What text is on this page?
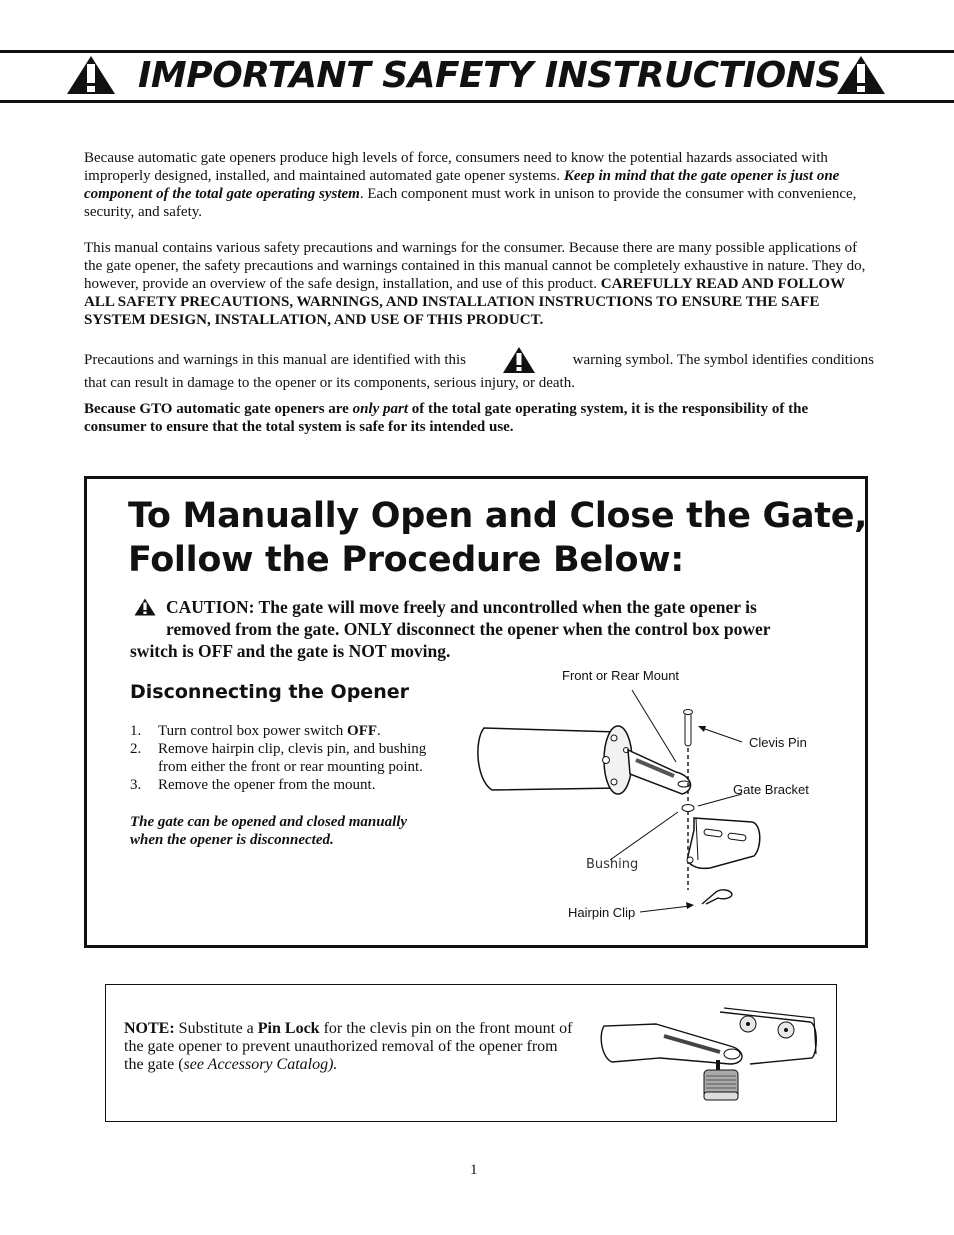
IMPORTANT SAFETY INSTRUCTIONS
Because automatic gate openers produce high levels of force, consumers need to know the potential hazards associated with improperly designed, installed, and maintained automated gate opener systems. Keep in mind that the gate opener is just one component of the total gate operating system. Each component must work in unison to provide the consumer with convenience, security, and safety.
This manual contains various safety precautions and warnings for the consumer. Because there are many possible applications of the gate opener, the safety precautions and warnings contained in this manual cannot be completely exhaustive in nature. They do, however, provide an overview of the safe design, installation, and use of this product. CAREFULLY READ AND FOLLOW ALL SAFETY PRECAUTIONS, WARNINGS, AND INSTALLATION INSTRUCTIONS TO ENSURE THE SAFE SYSTEM DESIGN, INSTALLATION, AND USE OF THIS PRODUCT.
Precautions and warnings in this manual are identified with this	warning symbol. The symbol identifies conditions
that can result in damage to the opener or its components, serious injury, or death.
Because GTO automatic gate openers are only part of the total gate operating system, it is the responsibility of the consumer to ensure that the total system is safe for its intended use.
To Manually Open and Close the Gate, Follow the Procedure Below:
CAUTION: The gate will move freely and uncontrolled when the gate opener is
removed from the gate. ONLY disconnect the opener when the control box power
switch is OFF and the gate is NOT moving.
Disconnecting the Opener
1. Turn control box power switch OFF.
2. Remove hairpin clip, clevis pin, and bushing from either the front or rear mounting point.
3. Remove the opener from the mount.
The gate can be opened and closed manually when the opener is disconnected.
Front or Rear Mount
Clevis Pin
Gate Bracket
Bushing
Hairpin Clip
NOTE: Substitute a Pin Lock for the clevis pin on the front mount of the gate opener to prevent unauthorized removal of the opener from the gate (see Accessory Catalog).
1
